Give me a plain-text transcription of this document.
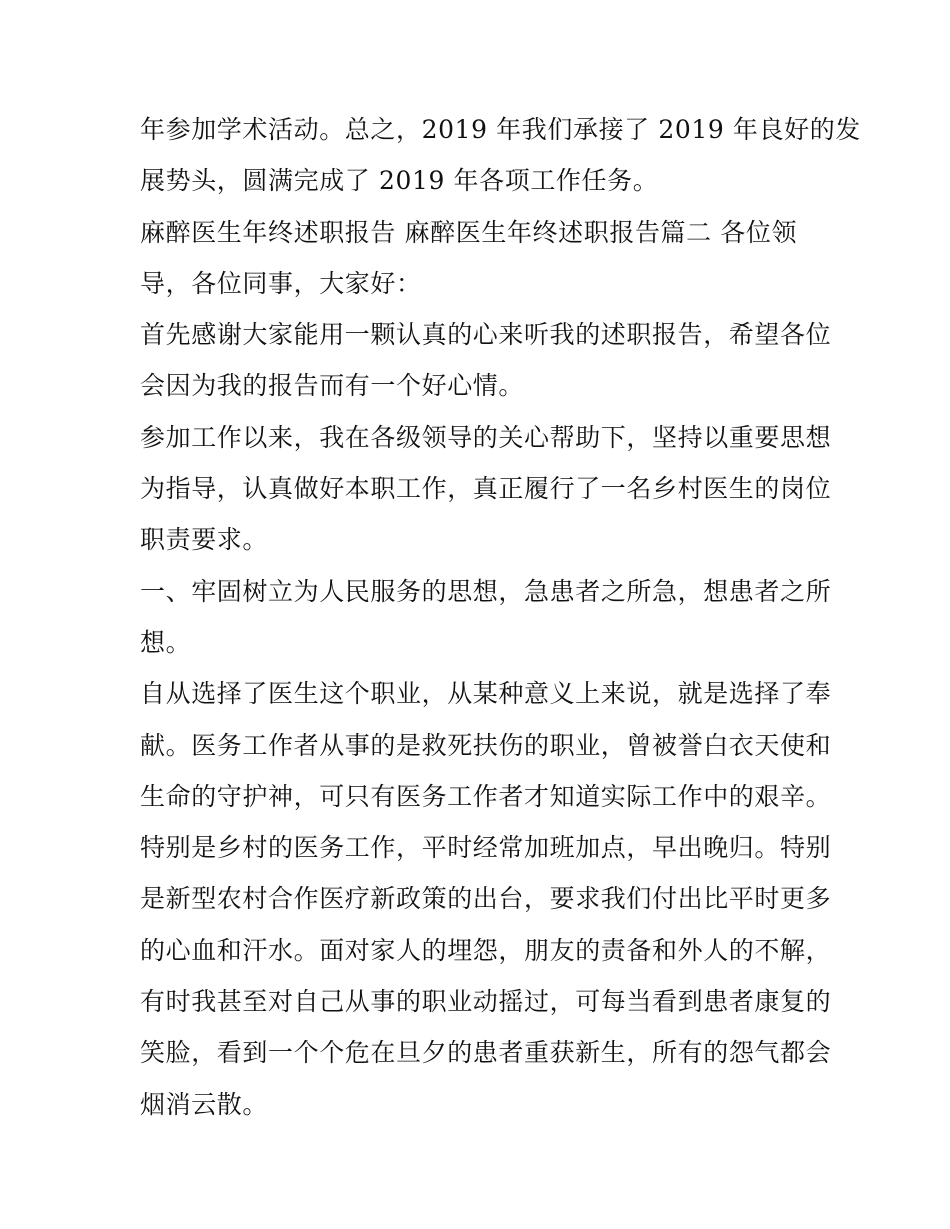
年参加学术活动。总之，2019 年我们承接了 2019 年良好的发
展势头，圆满完成了 2019 年各项工作任务。
麻醉医生年终述职报告 麻醉医生年终述职报告篇二 各位领
导，各位同事，大家好：
首先感谢大家能用一颗认真的心来听我的述职报告，希望各位
会因为我的报告而有一个好心情。
参加工作以来，我在各级领导的关心帮助下，坚持以重要思想
为指导，认真做好本职工作，真正履行了一名乡村医生的岗位
职责要求。
一、牢固树立为人民服务的思想，急患者之所急，想患者之所
想。
自从选择了医生这个职业，从某种意义上来说，就是选择了奉
献。医务工作者从事的是救死扶伤的职业，曾被誉白衣天使和
生命的守护神，可只有医务工作者才知道实际工作中的艰辛。
特别是乡村的医务工作，平时经常加班加点，早出晚归。特别
是新型农村合作医疗新政策的出台，要求我们付出比平时更多
的心血和汗水。面对家人的埋怨，朋友的责备和外人的不解，
有时我甚至对自己从事的职业动摇过，可每当看到患者康复的
笑脸，看到一个个危在旦夕的患者重获新生，所有的怨气都会
烟消云散。
